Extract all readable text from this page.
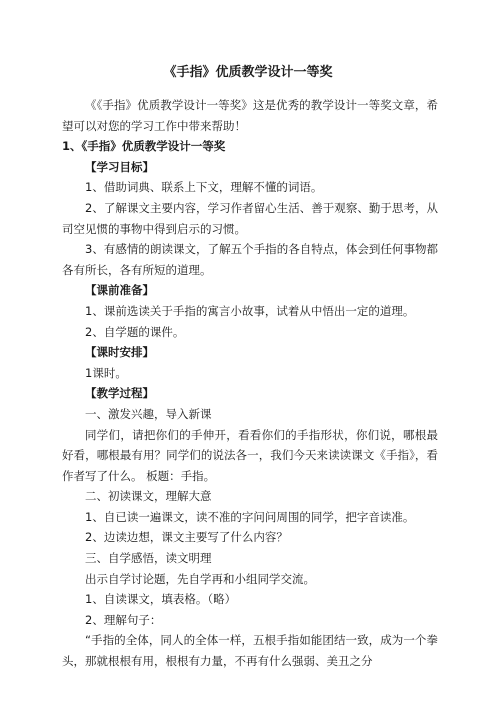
《手指》优质教学设计一等奖

《《手指》优质教学设计一等奖》这是优秀的教学设计一等奖文章，希望可以对您的学习工作中带来帮助！

1、《手指》优质教学设计一等奖

【学习目标】

1、借助词典、联系上下文，理解不懂的词语。

2、了解课文主要内容，学习作者留心生活、善于观察、勤于思考，从司空见惯的事物中得到启示的习惯。

3、有感情的朗读课文，了解五个手指的各自特点，体会到任何事物都各有所长，各有所短的道理。

【课前准备】

1、课前选读关于手指的寓言小故事，试着从中悟出一定的道理。

2、自学题的课件。

【课时安排】

1课时。

【教学过程】

一、激发兴趣，导入新课

同学们，请把你们的手伸开，看看你们的手指形状，你们说，哪根最好看，哪根最有用？同学们的说法各一，我们今天来读读课文《手指》，看作者写了什么。 板题：手指。

二、初读课文，理解大意

1、自已读一遍课文，读不准的字问问周围的同学，把字音读准。

2、边读边想，课文主要写了什么内容？

三、自学感悟，读文明理

出示自学讨论题，先自学再和小组同学交流。

1、自读课文，填表格。（略）

2、理解句子：

“手指的全体，同人的全体一样，五根手指如能团结一致，成为一个拳头，那就根根有用，根根有力量，不再有什么强弱、美丑之分
